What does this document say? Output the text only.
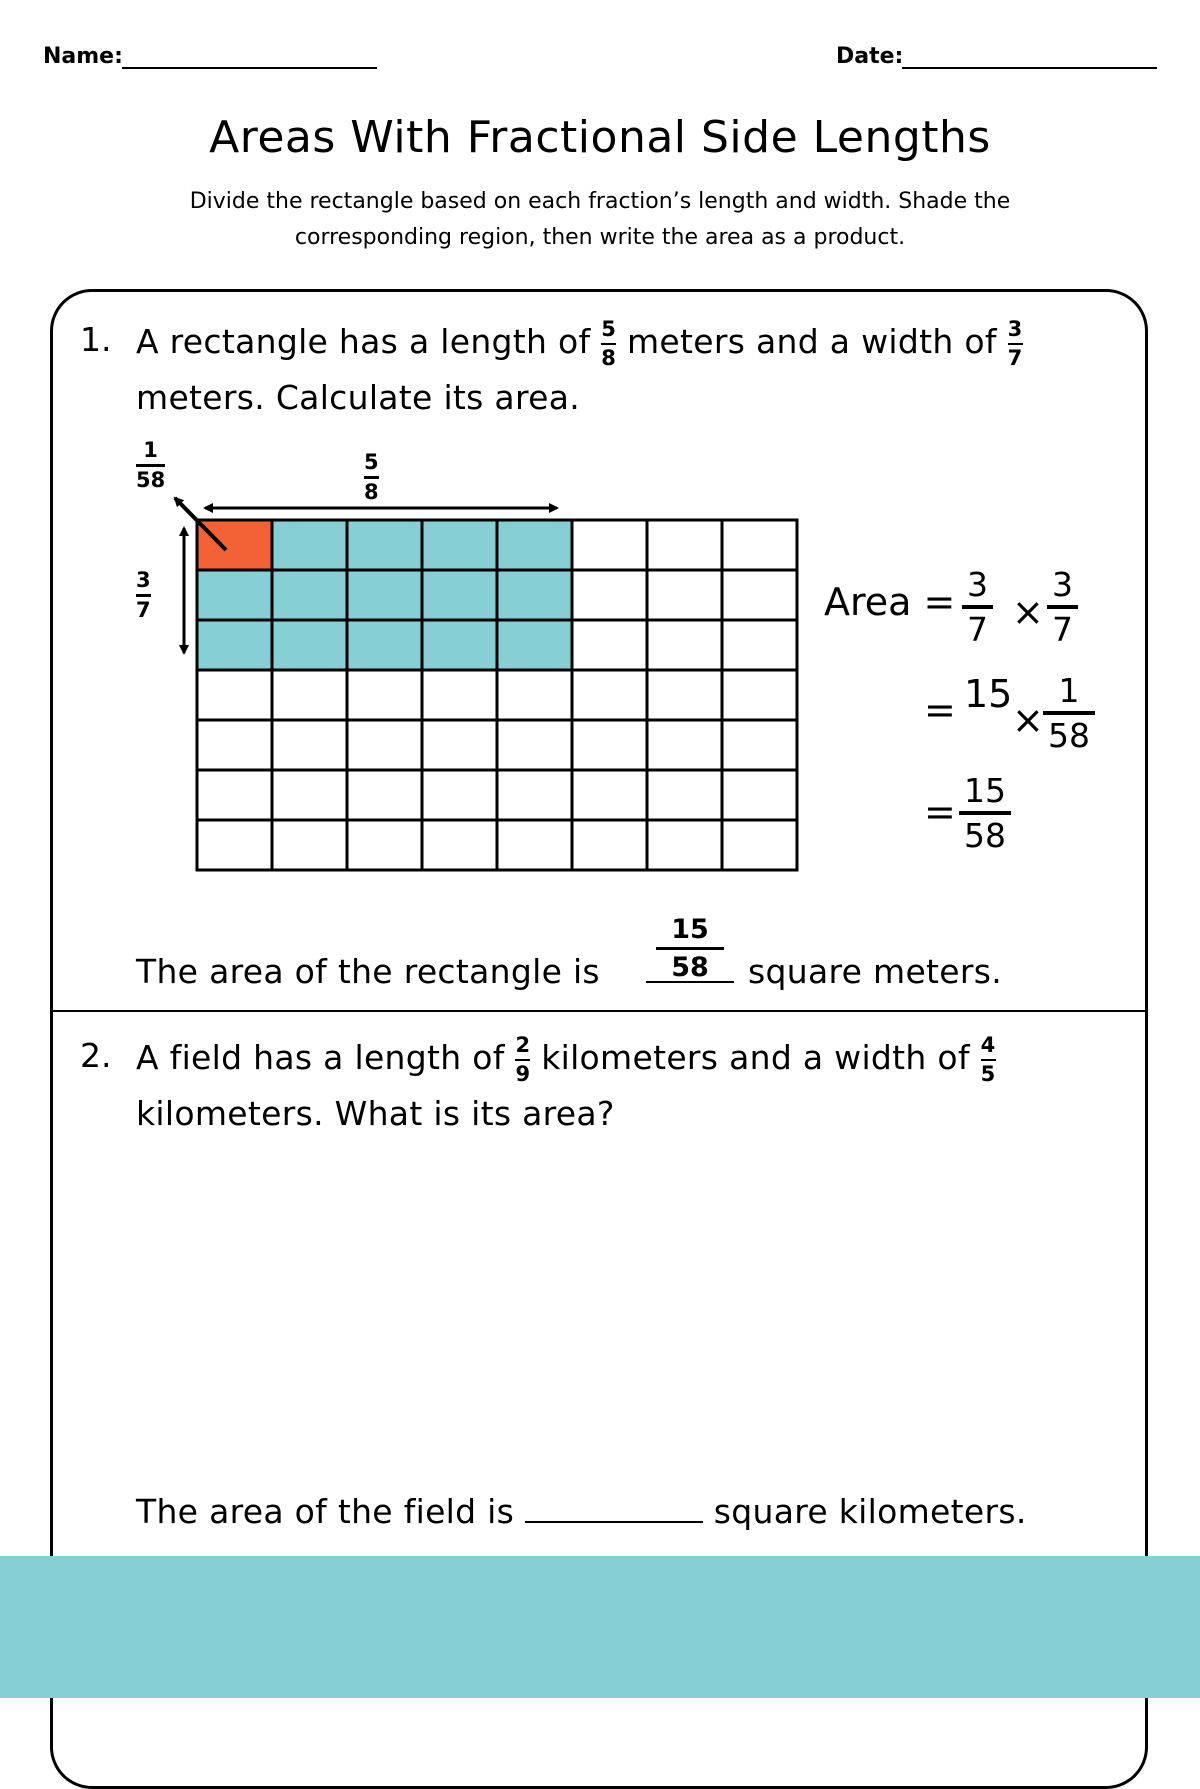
Name:	Date:
Areas With Fractional Side Lengths
Divide the rectangle based on each fraction’s length and width. Shade the
corresponding region, then write the area as a product.
1. A rectangle has a length of $\frac{5}{8}$ meters and a width of $\frac{3}{7}$
meters. Calculate its area.
1
58
5
8
3
7	Area = 3
7 ×
3
7
= 15
×
1
58
= 15
58
The area of the rectangle is
15
58	square meters.
2. A field has a length of $\frac{2}{9}$ kilometers and a width of $\frac{4}{5}$
kilometers. What is its area?
The area of the field is	square kilometers.
